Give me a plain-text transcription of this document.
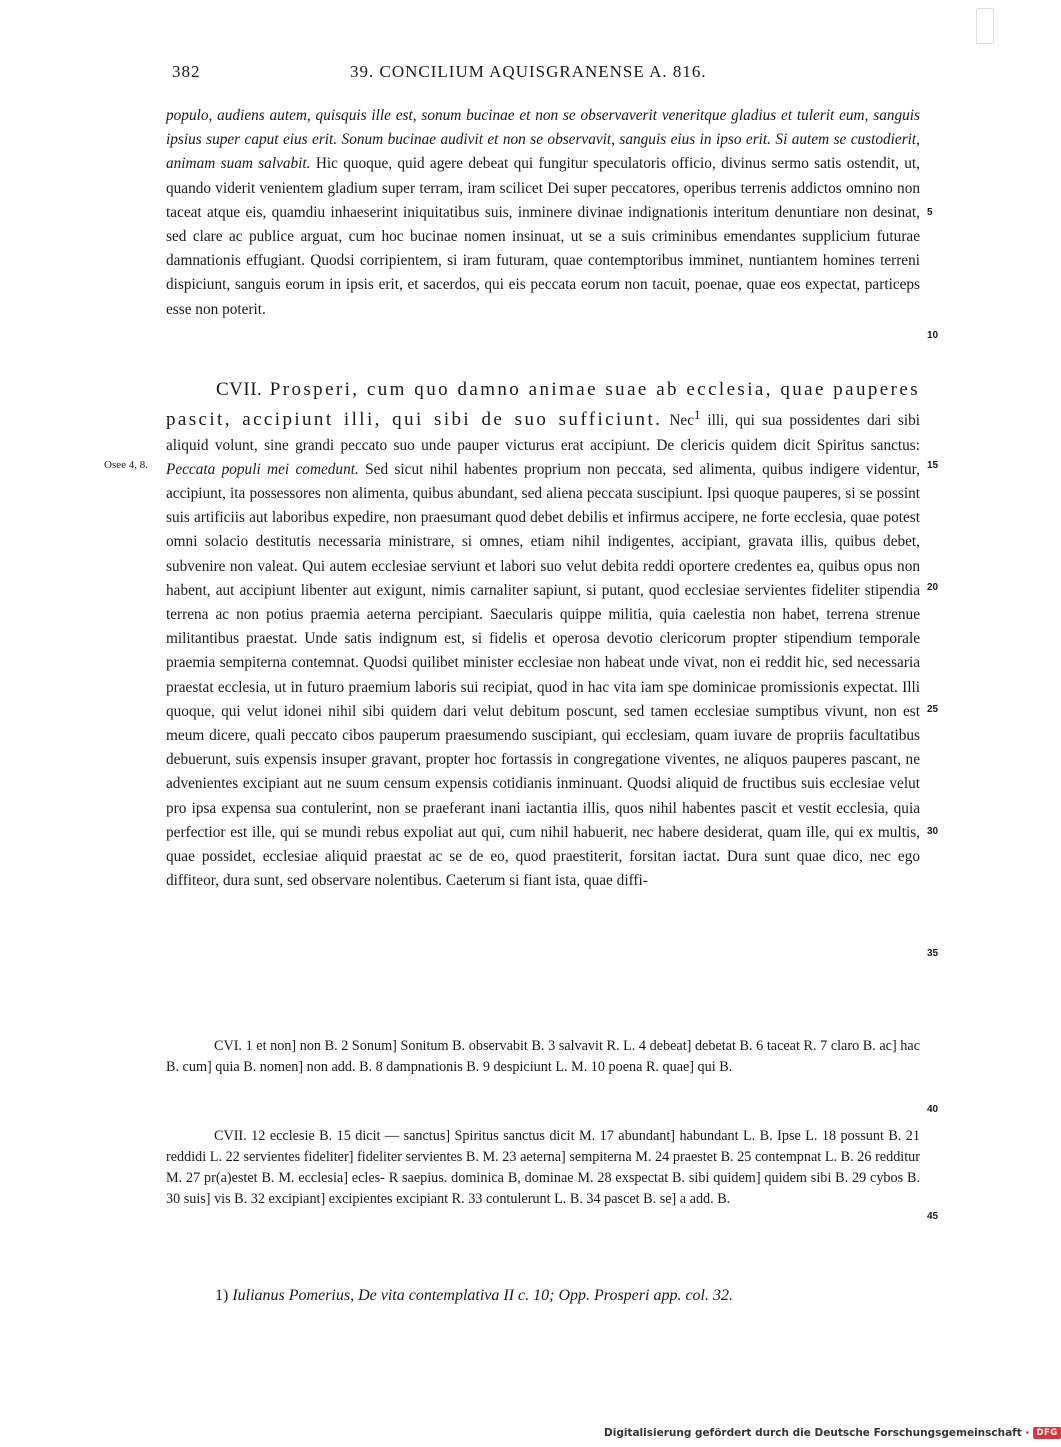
382	39. CONCILIUM AQUISGRANENSE A. 816.

populo, audiens autem, quisquis ille est, sonum bucinae et non se observaverit veneritque gladius et tulerit eum, sanguis ipsius super caput eius erit. Sonum bucinae audivit et non se observavit, sanguis eius in ipso erit. Si autem se custodierit, animam suam salvabit. Hic quoque, quid agere debeat qui fungitur speculatoris officio, divinus sermo satis ostendit, ut, quando viderit venientem gladium super terram, iram scilicet Dei super peccatores, operibus terrenis addictos omnino non taceat atque eis, quamdiu inhaeserint iniquitatibus suis, inminere divinae indignationis interitum denuntiare non desinat, sed clare ac publice arguat, cum hoc bucinae nomen insinuat, ut se a suis criminibus emendantes supplicium futurae damnationis effugiant. Quodsi corripientem, si iram futuram, quae contemptoribus imminet, nuntiantem homines terreni dispiciunt, sanguis eorum in ipsis erit, et sacerdos, qui eis peccata eorum non tacuit, poenae, quae eos expectat, particeps esse non poterit.

CVII. Prosperi, cum quo damno animae suae ab ecclesia, quae pauperes pascit, accipiunt illi, qui sibi de suo sufficiunt. Nec$^1$ illi, qui sua possidentes dari sibi aliquid volunt, sine grandi peccato suo unde pauper victurus erat accipiunt. De clericis quidem dicit Spiritus sanctus: Peccata populi mei comedunt. Sed sicut nihil habentes proprium non peccata, sed alimenta, quibus indigere videntur, accipiunt, ita possessores non alimenta, quibus abundant, sed aliena peccata suscipiunt. Ipsi quoque pauperes, si se possint suis artificiis aut laboribus expedire, non praesumant quod debet debilis et infirmus accipere, ne forte ecclesia, quae potest omni solacio destitutis necessaria ministrare, si omnes, etiam nihil indigentes, accipiant, gravata illis, quibus debet, subvenire non valeat. Qui autem ecclesiae serviunt et labori suo velut debita reddi oportere credentes ea, quibus opus non habent, aut accipiunt libenter aut exigunt, nimis carnaliter sapiunt, si putant, quod ecclesiae servientes fideliter stipendia terrena ac non potius praemia aeterna percipiant. Saecularis quippe militia, quia caelestia non habet, terrena strenue militantibus praestat. Unde satis indignum est, si fidelis et operosa devotio clericorum propter stipendium temporale praemia sempiterna contemnat. Quodsi quilibet minister ecclesiae non habeat unde vivat, non ei reddit hic, sed necessaria praestat ecclesia, ut in futuro praemium laboris sui recipiat, quod in hac vita iam spe dominicae promissionis expectat. Illi quoque, qui velut idonei nihil sibi quidem dari velut debitum poscunt, sed tamen ecclesiae sumptibus vivunt, non est meum dicere, quali peccato cibos pauperum praesumendo suscipiant, qui ecclesiam, quam iuvare de propriis facultatibus debuerunt, suis expensis insuper gravant, propter hoc fortassis in congregatione viventes, ne aliquos pauperes pascant, ne advenientes excipiant aut ne suum censum expensis cotidianis inminuant. Quodsi aliquid de fructibus suis ecclesiae velut pro ipsa expensa sua contulerint, non se praeferant inani iactantia illis, quos nihil habentes pascit et vestit ecclesia, quia perfectior est ille, qui se mundi rebus expoliat aut qui, cum nihil habuerit, nec habere desiderat, quam ille, qui ex multis, quae possidet, ecclesiae aliquid praestat ac se de eo, quod praestiterit, forsitan iactat. Dura sunt quae dico, nec ego diffiteor, dura sunt, sed observare nolentibus. Caeterum si fiant ista, quae diffi-

Osee 4, 8.
5
10
15
20
25
30
35
40
45

CVI. 1 et non] non B. 2 Sonum] Sonitum B. observabit B. 3 salvavit R. L. 4 debeat] debetat B. 6 taceat R. 7 claro B. ac] hac B. cum] quia B. nomen] non add. B. 8 dampnationis B. 9 despiciunt L. M. 10 poena R. quae] qui B.

CVII. 12 ecclesie B. 15 dicit — sanctus] Spiritus sanctus dicit M. 17 abundant] habundant L. B. Ipse L. 18 possunt B. 21 reddidi L. 22 servientes fideliter] fideliter servientes B. M. 23 aeterna] sempiterna M. 24 praestet B. 25 contempnat L. B. 26 redditur M. 27 pr(a)estet B. M. ecclesia] ecles- R saepius. dominica B, dominae M. 28 exspectat B. sibi quidem] quidem sibi B. 29 cybos B. 30 suis] vis B. 32 excipiant] excipientes excipiant R. 33 contulerunt L. B. 34 pascet B. se] a add. B.

1) Iulianus Pomerius, De vita contemplativa II c. 10; Opp. Prosperi app. col. 32.
Digitalisierung gefördert durch die Deutsche Forschungsgemeinschaft · DFG
